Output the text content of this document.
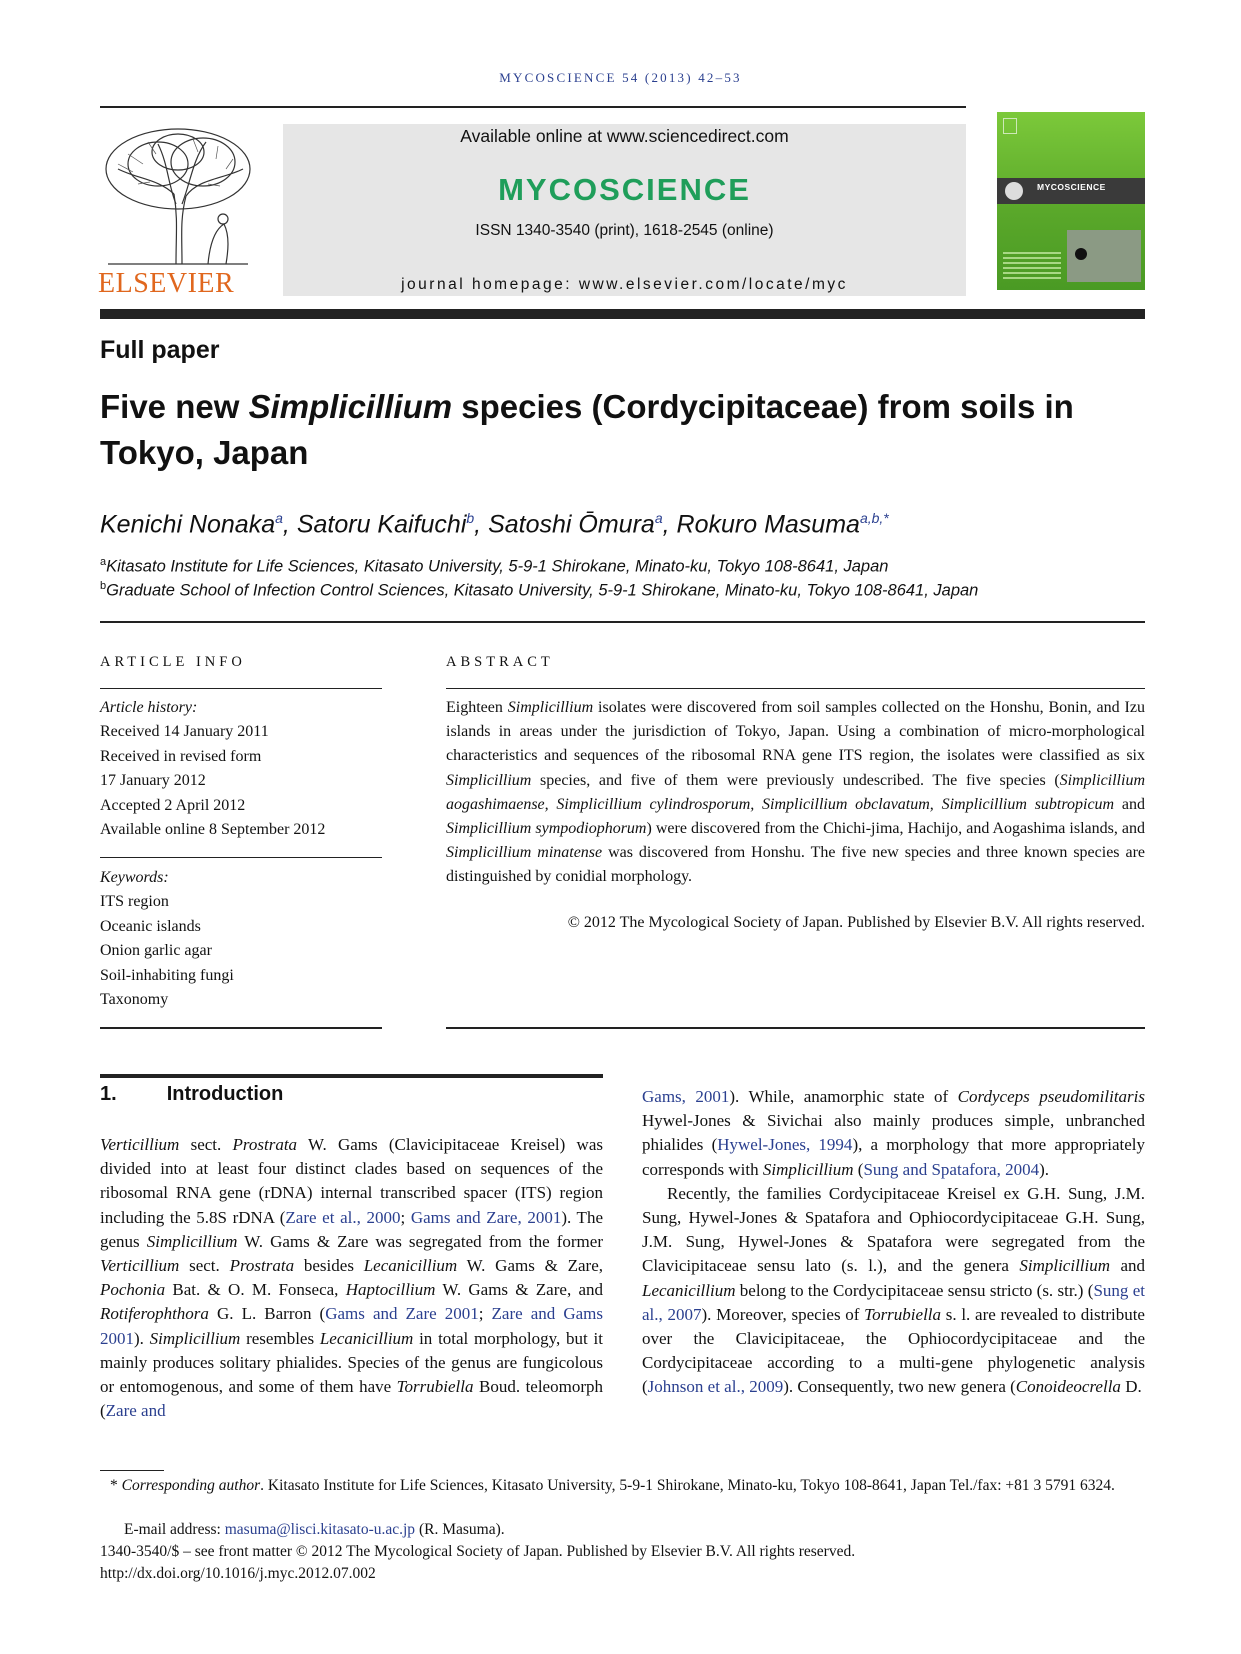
MYCOSCIENCE 54 (2013) 42–53
ELSEVIER
Available online at www.sciencedirect.com
MYCOSCIENCE
ISSN 1340-3540 (print), 1618-2545 (online)
journal homepage: www.elsevier.com/locate/myc
MYCOSCIENCE
Full paper
Five new Simplicillium species (Cordycipitaceae) from soils in Tokyo, Japan
Kenichi Nonaka$^a$, Satoru Kaifuchi$^b$, Satoshi Ōmura$^a$, Rokuro Masuma$^{a,b,*}$
$^a$Kitasato Institute for Life Sciences, Kitasato University, 5-9-1 Shirokane, Minato-ku, Tokyo 108-8641, Japan
$^b$Graduate School of Infection Control Sciences, Kitasato University, 5-9-1 Shirokane, Minato-ku, Tokyo 108-8641, Japan
ARTICLE INFO
Article history:
Received 14 January 2011
Received in revised form
17 January 2012
Accepted 2 April 2012
Available online 8 September 2012
Keywords:
ITS region
Oceanic islands
Onion garlic agar
Soil-inhabiting fungi
Taxonomy
ABSTRACT
Eighteen Simplicillium isolates were discovered from soil samples collected on the Honshu, Bonin, and Izu islands in areas under the jurisdiction of Tokyo, Japan. Using a combination of micro-morphological characteristics and sequences of the ribosomal RNA gene ITS region, the isolates were classified as six Simplicillium species, and five of them were previously undescribed. The five species (Simplicillium aogashimaense, Simplicillium cylindrosporum, Simplicillium obclavatum, Simplicillium subtropicum and Simplicillium sympodiophorum) were discovered from the Chichi-jima, Hachijo, and Aogashima islands, and Simplicillium minatense was discovered from Honshu. The five new species and three known species are distinguished by conidial morphology.
© 2012 The Mycological Society of Japan. Published by Elsevier B.V. All rights reserved.
1.	Introduction
Verticillium sect. Prostrata W. Gams (Clavicipitaceae Kreisel) was divided into at least four distinct clades based on sequences of the ribosomal RNA gene (rDNA) internal transcribed spacer (ITS) region including the 5.8S rDNA (Zare et al., 2000; Gams and Zare, 2001). The genus Simplicillium W. Gams & Zare was segregated from the former Verticillium sect. Prostrata besides Lecanicillium W. Gams & Zare, Pochonia Bat. & O. M. Fonseca, Haptocillium W. Gams & Zare, and Rotiferophthora G. L. Barron (Gams and Zare 2001; Zare and Gams 2001). Simplicillium resembles Lecanicillium in total morphology, but it mainly produces solitary phialides. Species of the genus are fungicolous or entomogenous, and some of them have Torrubiella Boud. teleomorph (Zare and
Gams, 2001). While, anamorphic state of Cordyceps pseudomilitaris Hywel-Jones & Sivichai also mainly produces simple, unbranched phialides (Hywel-Jones, 1994), a morphology that more appropriately corresponds with Simplicillium (Sung and Spatafora, 2004).
Recently, the families Cordycipitaceae Kreisel ex G.H. Sung, J.M. Sung, Hywel-Jones & Spatafora and Ophiocordycipitaceae G.H. Sung, J.M. Sung, Hywel-Jones & Spatafora were segregated from the Clavicipitaceae sensu lato (s. l.), and the genera Simplicillium and Lecanicillium belong to the Cordycipitaceae sensu stricto (s. str.) (Sung et al., 2007). Moreover, species of Torrubiella s. l. are revealed to distribute over the Clavicipitaceae, the Ophiocordycipitaceae and the Cordycipitaceae according to a multi-gene phylogenetic analysis (Johnson et al., 2009). Consequently, two new genera (Conoideocrella D.
* Corresponding author. Kitasato Institute for Life Sciences, Kitasato University, 5-9-1 Shirokane, Minato-ku, Tokyo 108-8641, Japan Tel./fax: +81 3 5791 6324.
E-mail address: masuma@lisci.kitasato-u.ac.jp (R. Masuma).
1340-3540/$ – see front matter © 2012 The Mycological Society of Japan. Published by Elsevier B.V. All rights reserved.
http://dx.doi.org/10.1016/j.myc.2012.07.002
